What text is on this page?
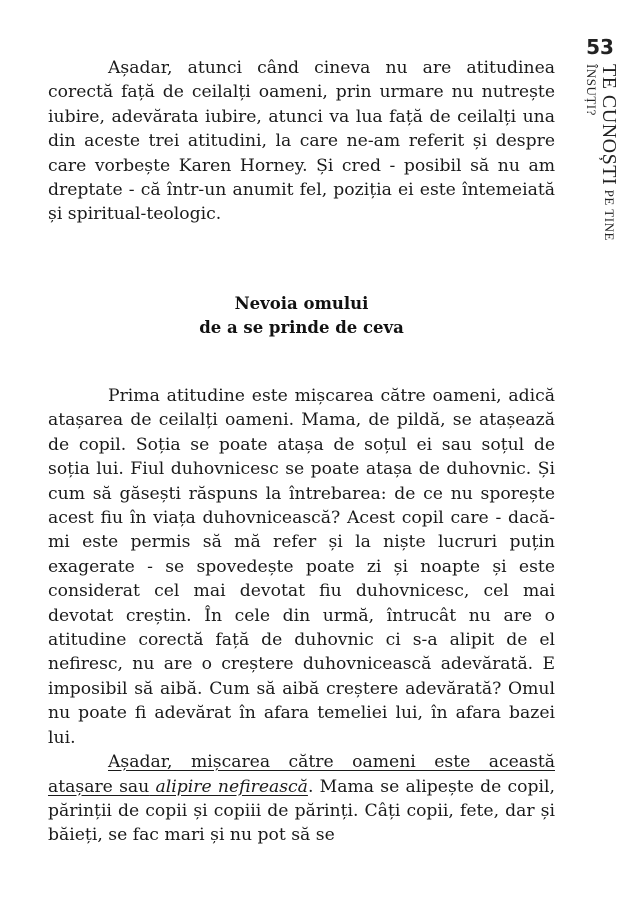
53
TE CUNOȘTI PE TINE ÎNSUȚI?

Așadar, atunci când cineva nu are atitudinea corectă față de ceilalți oameni, prin urmare nu nutrește iubire, adevărata iubire, atunci va lua față de ceilalți una din aceste trei atitudini, la care ne-am referit și despre care vorbește Karen Horney. Și cred - posibil să nu am dreptate - că într-un anumit fel, poziția ei este întemeiată și spiritual-teologic.

Nevoia omului
de a se prinde de ceva

Prima atitudine este mișcarea către oameni, adică atașarea de ceilalți oameni. Mama, de pildă, se atașează de copil. Soția se poate atașa de soțul ei sau soțul de soția lui. Fiul duhovnicesc se poate atașa de duhovnic. Și cum să găsești răspuns la întrebarea: de ce nu sporește acest fiu în viața duhovnicească? Acest copil care - dacă-mi este permis să mă refer și la niște lucruri puțin exagerate - se spovedește poate zi și noapte și este considerat cel mai devotat fiu duhovnicesc, cel mai devotat creștin. În cele din urmă, întrucât nu are o atitudine corectă față de duhovnic ci s-a alipit de el nefiresc, nu are o creștere duhovnicească adevărată. E imposibil să aibă. Cum să aibă creștere adevărată? Omul nu poate fi adevărat în afara temeliei lui, în afara bazei lui.

Așadar, mișcarea către oameni este această atașare sau alipire nefirească. Mama se alipește de copil, părinții de copii și copiii de părinți. Câți copii, fete, dar și băieți, se fac mari și nu pot să se
